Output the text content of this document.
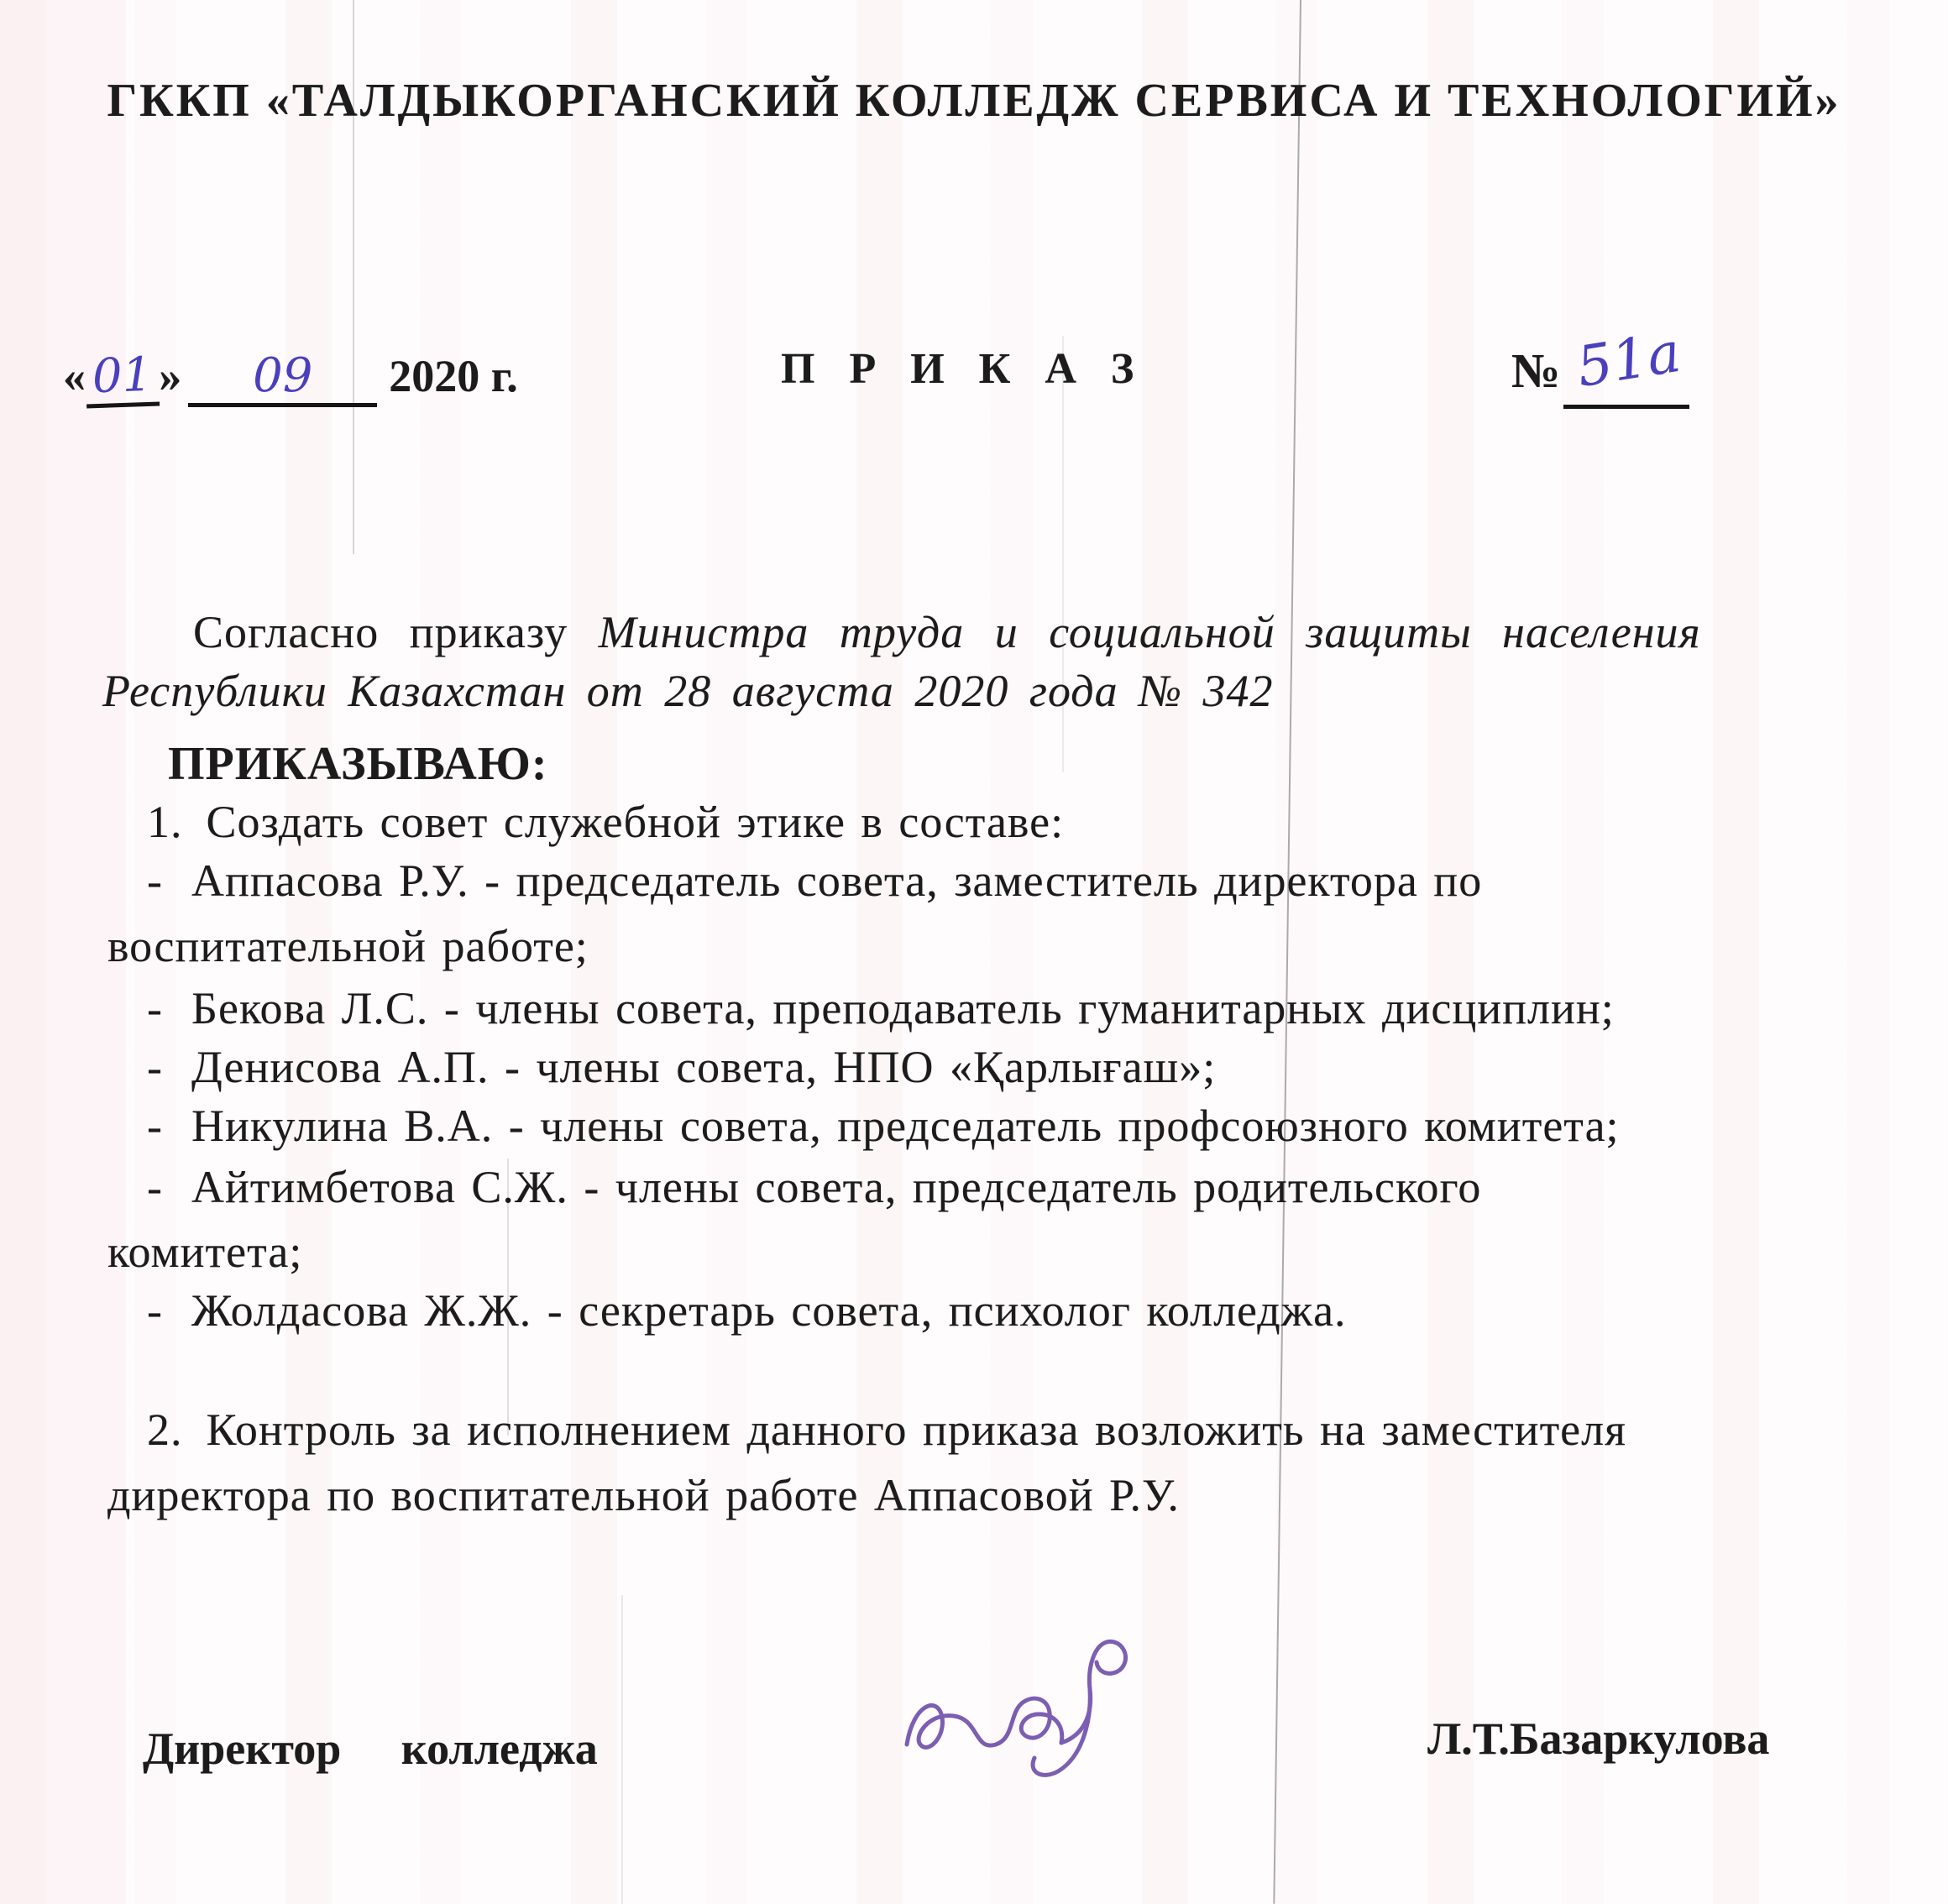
ГККП «ТАЛДЫКОРГАНСКИЙ КОЛЛЕДЖ СЕРВИСА И ТЕХНОЛОГИЙ»
« 01 » 09 2020 г.	П Р И К А З	№ 51а
Согласно приказу Министра труда и социальной защиты населения
Республики Казахстан от 28 августа 2020 года № 342
ПРИКАЗЫВАЮ:
1. Создать совет служебной этике в составе:
- Аппасова Р.У. - председатель совета, заместитель директора по
воспитательной работе;
- Бекова Л.С. - члены совета, преподаватель гуманитарных дисциплин;
- Денисова А.П. - члены совета, НПО «Қарлығаш»;
- Никулина В.А. - члены совета, председатель профсоюзного комитета;
- Айтимбетова С.Ж. - члены совета, председатель родительского
комитета;
- Жолдасова Ж.Ж. - секретарь совета, психолог колледжа.
2. Контроль за исполнением данного приказа возложить на заместителя
директора по воспитательной работе Аппасовой Р.У.
Директор колледжа	Л.Т.Базаркулова
